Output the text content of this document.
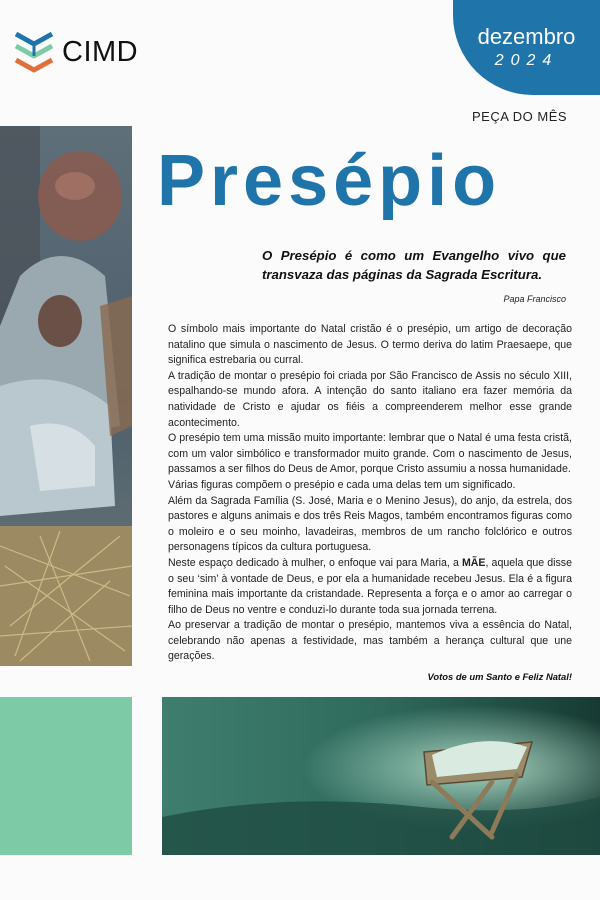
CIMD	dezembro
2024
PEÇA DO MÊS
Presépio
O Presépio é como um Evangelho vivo que transvaza das páginas da Sagrada Escritura.
Papa Francisco

O símbolo mais importante do Natal cristão é o presépio, um artigo de decoração natalino que simula o nascimento de Jesus. O termo deriva do latim Praesaepe, que significa estrebaria ou curral.

A tradição de montar o presépio foi criada por São Francisco de Assis no século XIII, espalhando-se mundo afora. A intenção do santo italiano era fazer memória da natividade de Cristo e ajudar os fiéis a compreenderem melhor esse grande acontecimento.

O presépio tem uma missão muito importante: lembrar que o Natal é uma festa cristã, com um valor simbólico e transformador muito grande. Com o nascimento de Jesus, passamos a ser filhos do Deus de Amor, porque Cristo assumiu a nossa humanidade.

Várias figuras compõem o presépio e cada uma delas tem um significado.

Além da Sagrada Família (S. José, Maria e o Menino Jesus), do anjo, da estrela, dos pastores e alguns animais e dos três Reis Magos, também encontramos figuras como o moleiro e o seu moinho, lavadeiras, membros de um rancho folclórico e outros personagens típicos da cultura portuguesa.

Neste espaço dedicado à mulher, o enfoque vai para Maria, a MÃE, aquela que disse o seu ‘sim’ à vontade de Deus, e por ela a humanidade recebeu Jesus. Ela é a figura feminina mais importante da cristandade. Representa a força e o amor ao carregar o filho de Deus no ventre e conduzi-lo durante toda sua jornada terrena.

Ao preservar a tradição de montar o presépio, mantemos viva a essência do Natal, celebrando não apenas a festividade, mas também a herança cultural que une gerações.

Votos de um Santo e Feliz Natal!
